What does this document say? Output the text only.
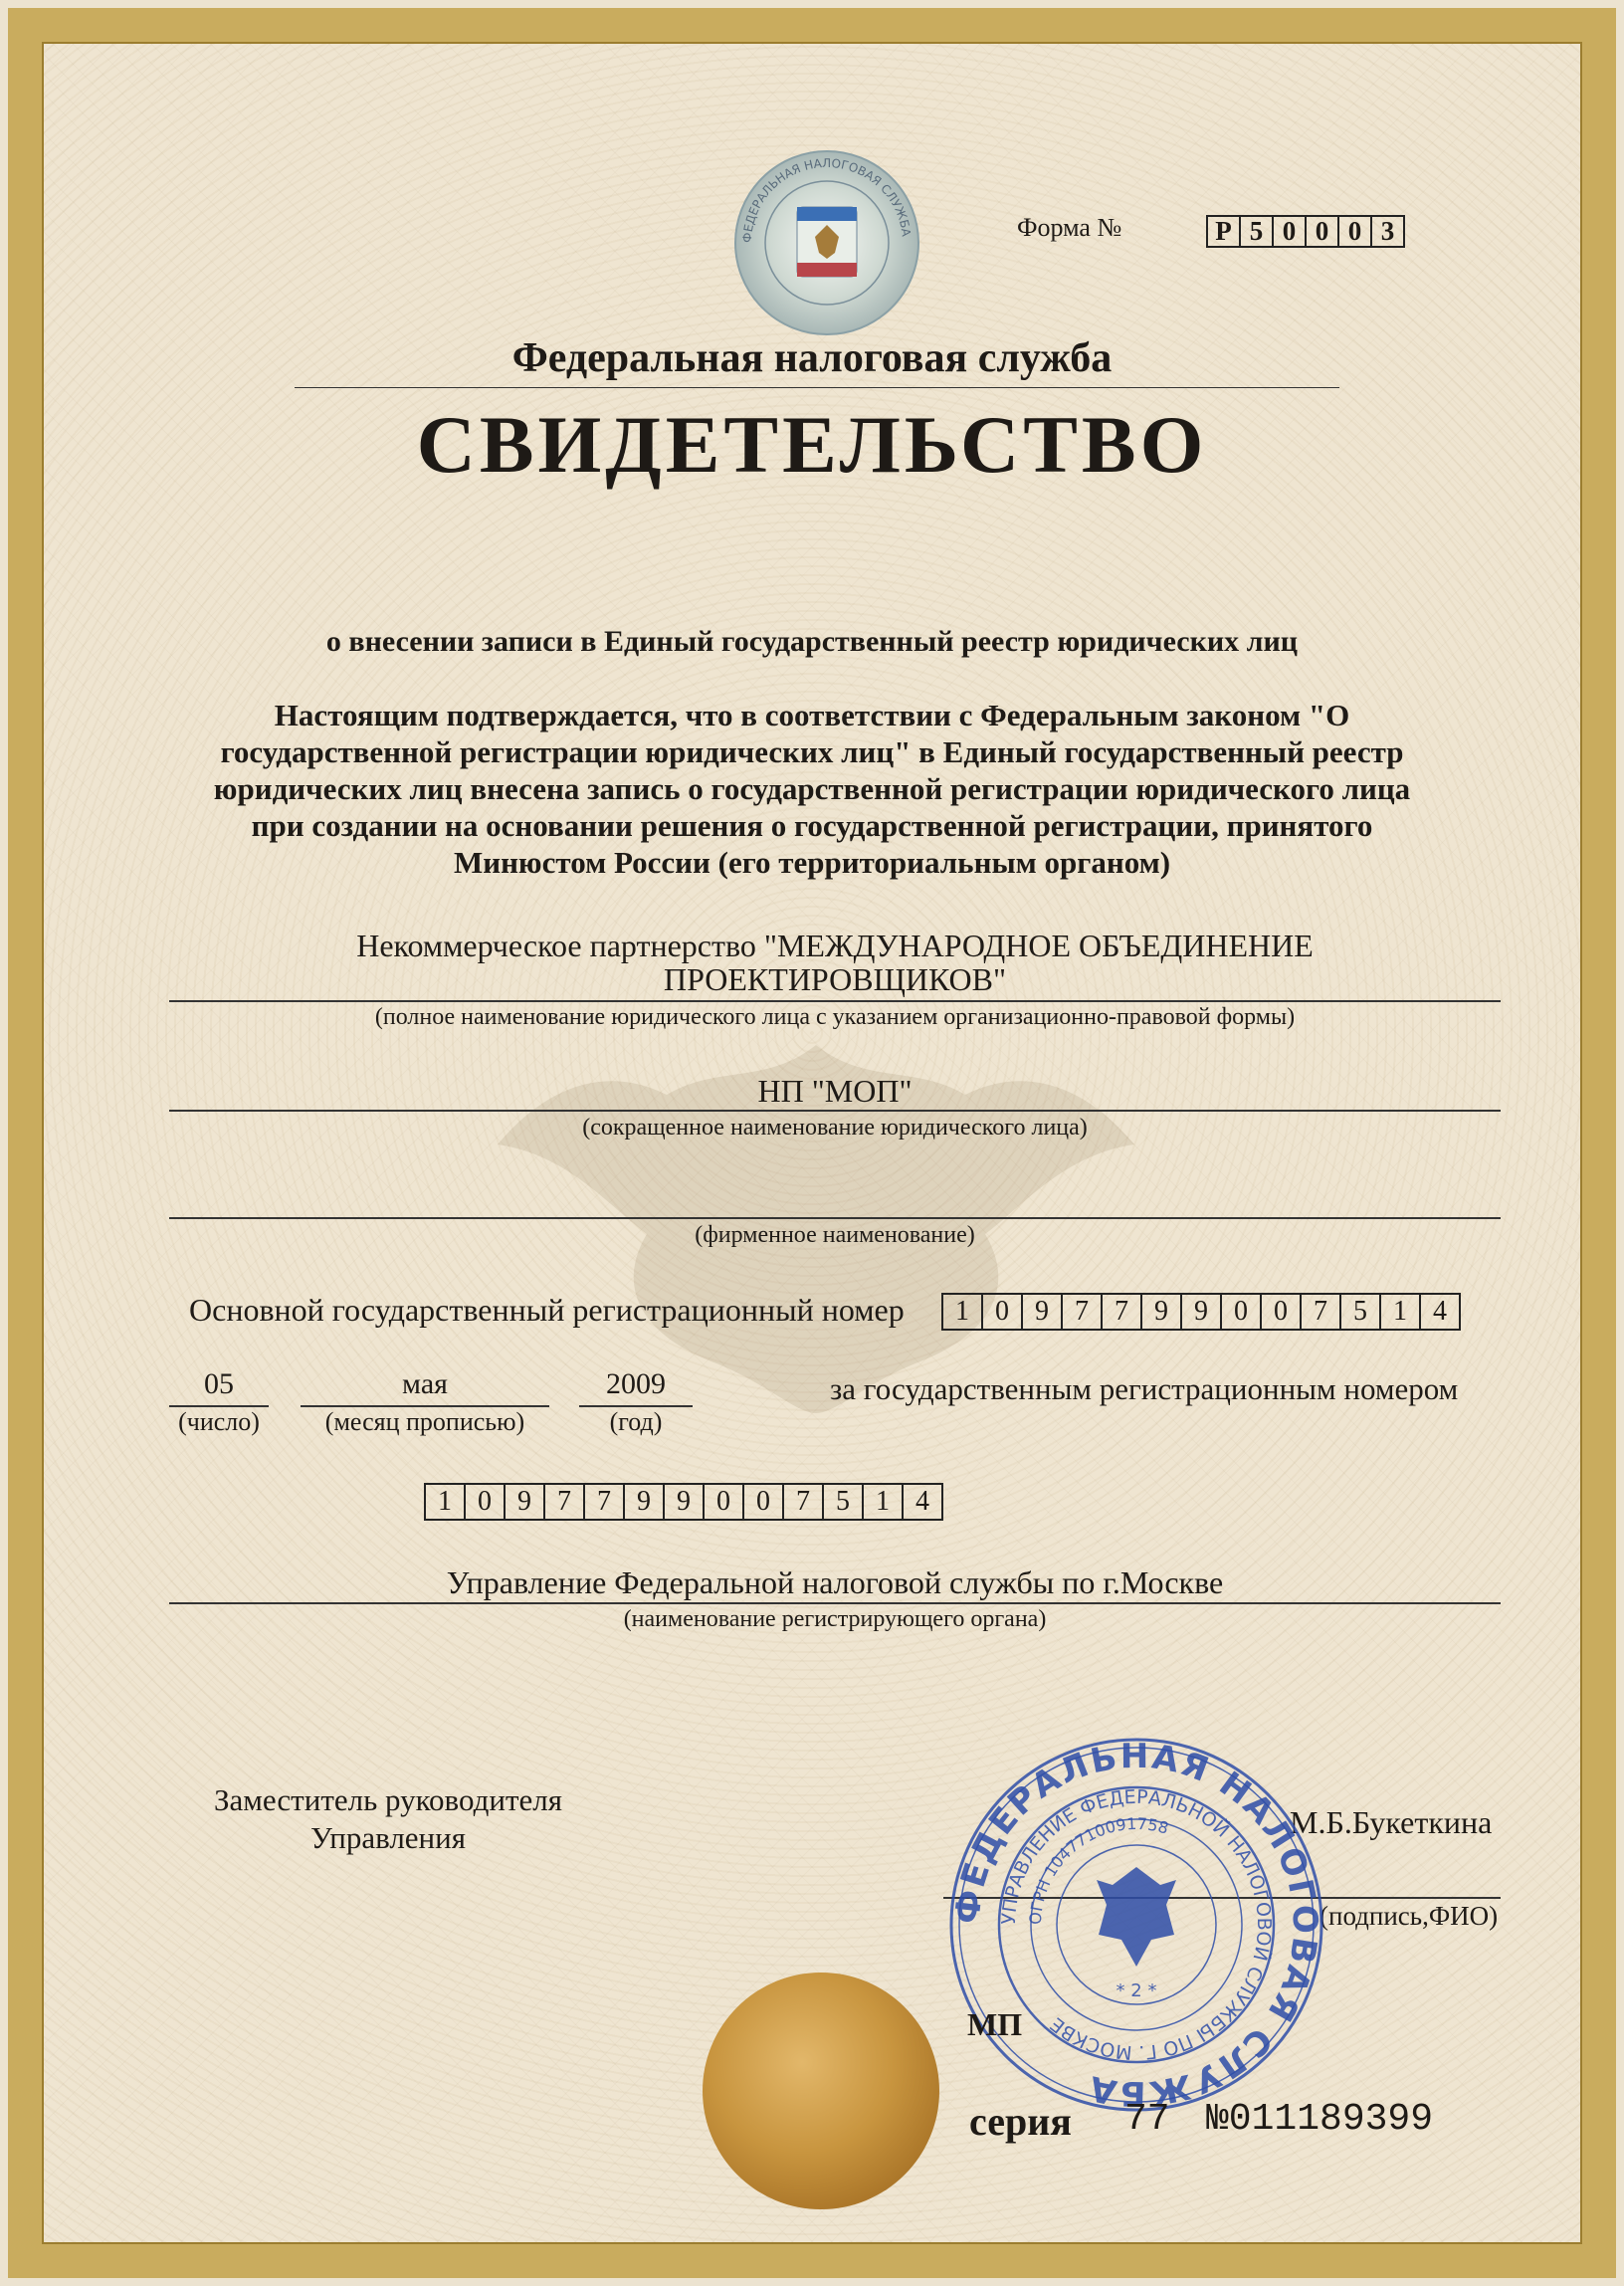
ФЕДЕРАЛЬНАЯ НАЛОГОВАЯ СЛУЖБА	Форма №	Р 5 0 0 0 3
Федеральная налоговая служба
СВИДЕТЕЛЬСТВО
о внесении записи в Единый государственный реестр юридических лиц
Настоящим подтверждается, что в соответствии с Федеральным законом "О государственной регистрации юридических лиц" в Единый государственный реестр юридических лиц внесена запись о государственной регистрации юридического лица при создании на основании решения о государственной регистрации, принятого Минюстом России (его территориальным органом)
Некоммерческое партнерство "МЕЖДУНАРОДНОЕ ОБЪЕДИНЕНИЕ
ПРОЕКТИРОВЩИКОВ"
(полное наименование юридического лица с указанием организационно-правовой формы)
НП "МОП"
(сокращенное наименование юридического лица)
(фирменное наименование)
Основной государственный регистрационный номер	1 0 9 7 7 9 9 0 0 7 5 1 4
05
(число)
мая
(месяц прописью)
2009
(год)
за государственным регистрационным номером
1 0 9 7 7 9 9 0 0 7 5 1 4
Управление Федеральной налоговой службы по г.Москве
(наименование регистрирующего органа)
Заместитель руководителя Управления	М.Б.Букеткина
(подпись,ФИО)
ФЕДЕРАЛЬНАЯ НАЛОГОВАЯ СЛУЖБА
УПРАВЛЕНИЕ ФЕДЕРАЛЬНОЙ НАЛОГОВОЙ СЛУЖБЫ ПО Г. МОСКВЕ
ОГРН 1047710091758
* 2 *
МП
серия 77 №011189399
